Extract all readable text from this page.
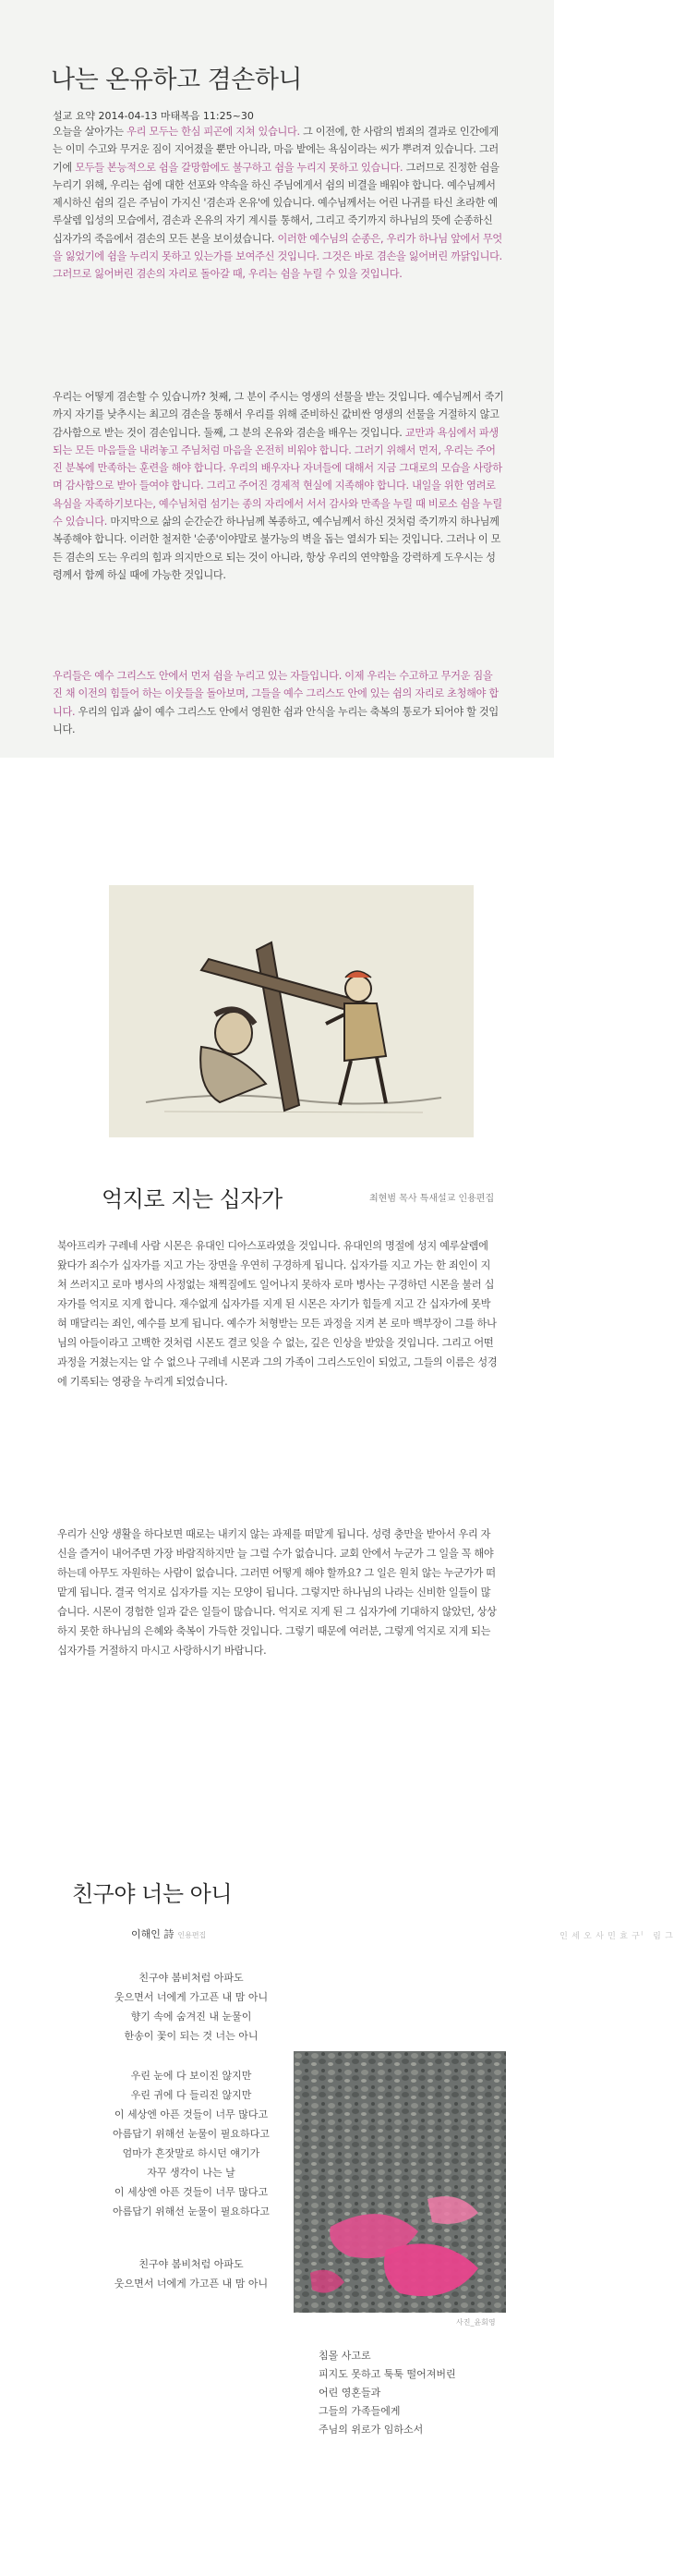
나는 온유하고 겸손하니
설교 요약 2014-04-13 마태복음 11:25~30
오늘을 살아가는 우리 모두는 한심 피곤에 지쳐 있습니다. 그 이전에, 한 사람의 범죄의 결과로 인간에게는 이미 수고와 무거운 짐이 지어졌을 뿐만 아니라, 마음 밭에는 욕심이라는 씨가 뿌려져 있습니다. 그러기에 모두들 본능적으로 쉼을 갈망함에도 불구하고 쉼을 누리지 못하고 있습니다. 그러므로 진정한 쉼을 누리기 위해, 우리는 쉼에 대한 선포와 약속을 하신 주님에게서 쉼의 비결을 배워야 합니다. 예수님께서 제시하신 쉼의 길은 주님이 가지신 '겸손과 온유'에 있습니다. 예수님께서는 어린 나귀를 타신 초라한 예루살렘 입성의 모습에서, 겸손과 온유의 자기 계시를 통해서, 그리고 죽기까지 하나님의 뜻에 순종하신 십자가의 죽음에서 겸손의 모든 본을 보이셨습니다. 이러한 예수님의 순종은, 우리가 하나님 앞에서 무엇을 잃었기에 쉼을 누리지 못하고 있는가를 보여주신 것입니다. 그것은 바로 겸손을 잃어버린 까닭입니다. 그러므로 잃어버린 겸손의 자리로 돌아갈 때, 우리는 쉼을 누릴 수 있을 것입니다.
우리는 어떻게 겸손할 수 있습니까? 첫째, 그 분이 주시는 영생의 선물을 받는 것입니다. 예수님께서 죽기까지 자기를 낮추시는 최고의 겸손을 통해서 우리를 위해 준비하신 값비싼 영생의 선물을 거절하지 않고 감사함으로 받는 것이 겸손입니다. 둘째, 그 분의 온유와 겸손을 배우는 것입니다. 교만과 욕심에서 파생되는 모든 마음들을 내려놓고 주님처럼 마음을 온전히 비워야 합니다. 그러기 위해서 먼저, 우리는 주어진 분복에 만족하는 훈련을 해야 합니다. 우리의 배우자나 자녀들에 대해서 지금 그대로의 모습을 사랑하며 감사함으로 받아 들여야 합니다. 그리고 주어진 경제적 현실에 지족해야 합니다. 내일을 위한 염려로 욕심을 자족하기보다는, 예수님처럼 섬기는 종의 자리에서 서서 감사와 만족을 누릴 때 비로소 쉼을 누릴 수 있습니다. 마지막으로 삶의 순간순간 하나님께 복종하고, 예수님께서 하신 것처럼 죽기까지 하나님께 복종해야 합니다. 이러한 철저한 '순종'이야말로 불가능의 벽을 돕는 열쇠가 되는 것입니다. 그러나 이 모든 겸손의 도는 우리의 힘과 의지만으로 되는 것이 아니라, 항상 우리의 연약함을 강력하게 도우시는 성령께서 함께 하실 때에 가능한 것입니다.
우리들은 예수 그리스도 안에서 먼저 쉼을 누리고 있는 자들입니다. 이제 우리는 수고하고 무거운 짐을 진 채 이전의 힘들어 하는 이웃들을 돌아보며, 그들을 예수 그리스도 안에 있는 쉼의 자리로 초청해야 합니다. 우리의 입과 삶이 예수 그리스도 안에서 영원한 쉼과 안식을 누리는 축복의 통로가 되어야 할 것입니다.
그림_구효민사 오세인
억지로 지는 십자가	최현범 목사 특새설교 인용편집
북아프리카 구레네 사람 시몬은 유대인 디아스포라였을 것입니다. 유대인의 명절에 성지 예루살렘에 왔다가 죄수가 십자가를 지고 가는 장면을 우연히 구경하게 됩니다. 십자가를 지고 가는 한 죄인이 지쳐 쓰러지고 로마 병사의 사정없는 채찍질에도 일어나지 못하자 로마 병사는 구경하던 시몬을 불러 십자가를 억지로 지게 합니다. 재수없게 십자가를 지게 된 시몬은 자기가 힘들게 지고 간 십자가에 못박혀 매달리는 죄인, 예수를 보게 됩니다. 예수가 처형받는 모든 과정을 지켜 본 로마 백부장이 그를 하나님의 아들이라고 고백한 것처럼 시몬도 결코 잊을 수 없는, 깊은 인상을 받았을 것입니다. 그리고 어떤 과정을 거쳤는지는 알 수 없으나 구레네 시몬과 그의 가족이 그리스도인이 되었고, 그들의 이름은 성경에 기록되는 영광을 누리게 되었습니다.
우리가 신앙 생활을 하다보면 때로는 내키지 않는 과제를 떠맡게 됩니다. 성령 충만을 받아서 우리 자신을 즐거이 내어주면 가장 바람직하지만 늘 그럴 수가 없습니다. 교회 안에서 누군가 그 일을 꼭 해야 하는데 아무도 자원하는 사람이 없습니다. 그러면 어떻게 해야 할까요? 그 일은 원치 않는 누군가가 떠맡게 됩니다. 결국 억지로 십자가를 지는 모양이 됩니다. 그렇지만 하나님의 나라는 신비한 일들이 많습니다. 시몬이 경험한 일과 같은 일들이 많습니다. 억지로 지게 된 그 십자가에 기대하지 않았던, 상상하지 못한 하나님의 은혜와 축복이 가득한 것입니다. 그렇기 때문에 여러분, 그렇게 억지로 지게 되는 십자가를 거절하지 마시고 사랑하시기 바랍니다.
친구야 너는 아니
이해인 詩 인용편집
친구야 봄비처럼 아파도
웃으면서 너에게 가고픈 내 맘 아니
향기 속에 숨겨진 내 눈물이
한송이 꽃이 되는 것 너는 아니
우린 눈에 다 보이진 않지만
우린 귀에 다 들리진 않지만
이 세상엔 아픈 것들이 너무 많다고
아름답기 위해선 눈물이 필요하다고
엄마가 흔잣말로 하시던 얘기가
자꾸 생각이 나는 날
이 세상엔 아픈 것들이 너무 많다고
아름답기 위해선 눈물이 필요하다고
친구야 봄비처럼 아파도
웃으면서 너에게 가고픈 내 맘 아니
사진_윤회영
침몰 사고로
피지도 못하고 툭툭 떨어져버린
어린 영혼들과
그들의 가족들에게
주님의 위로가 임하소서
